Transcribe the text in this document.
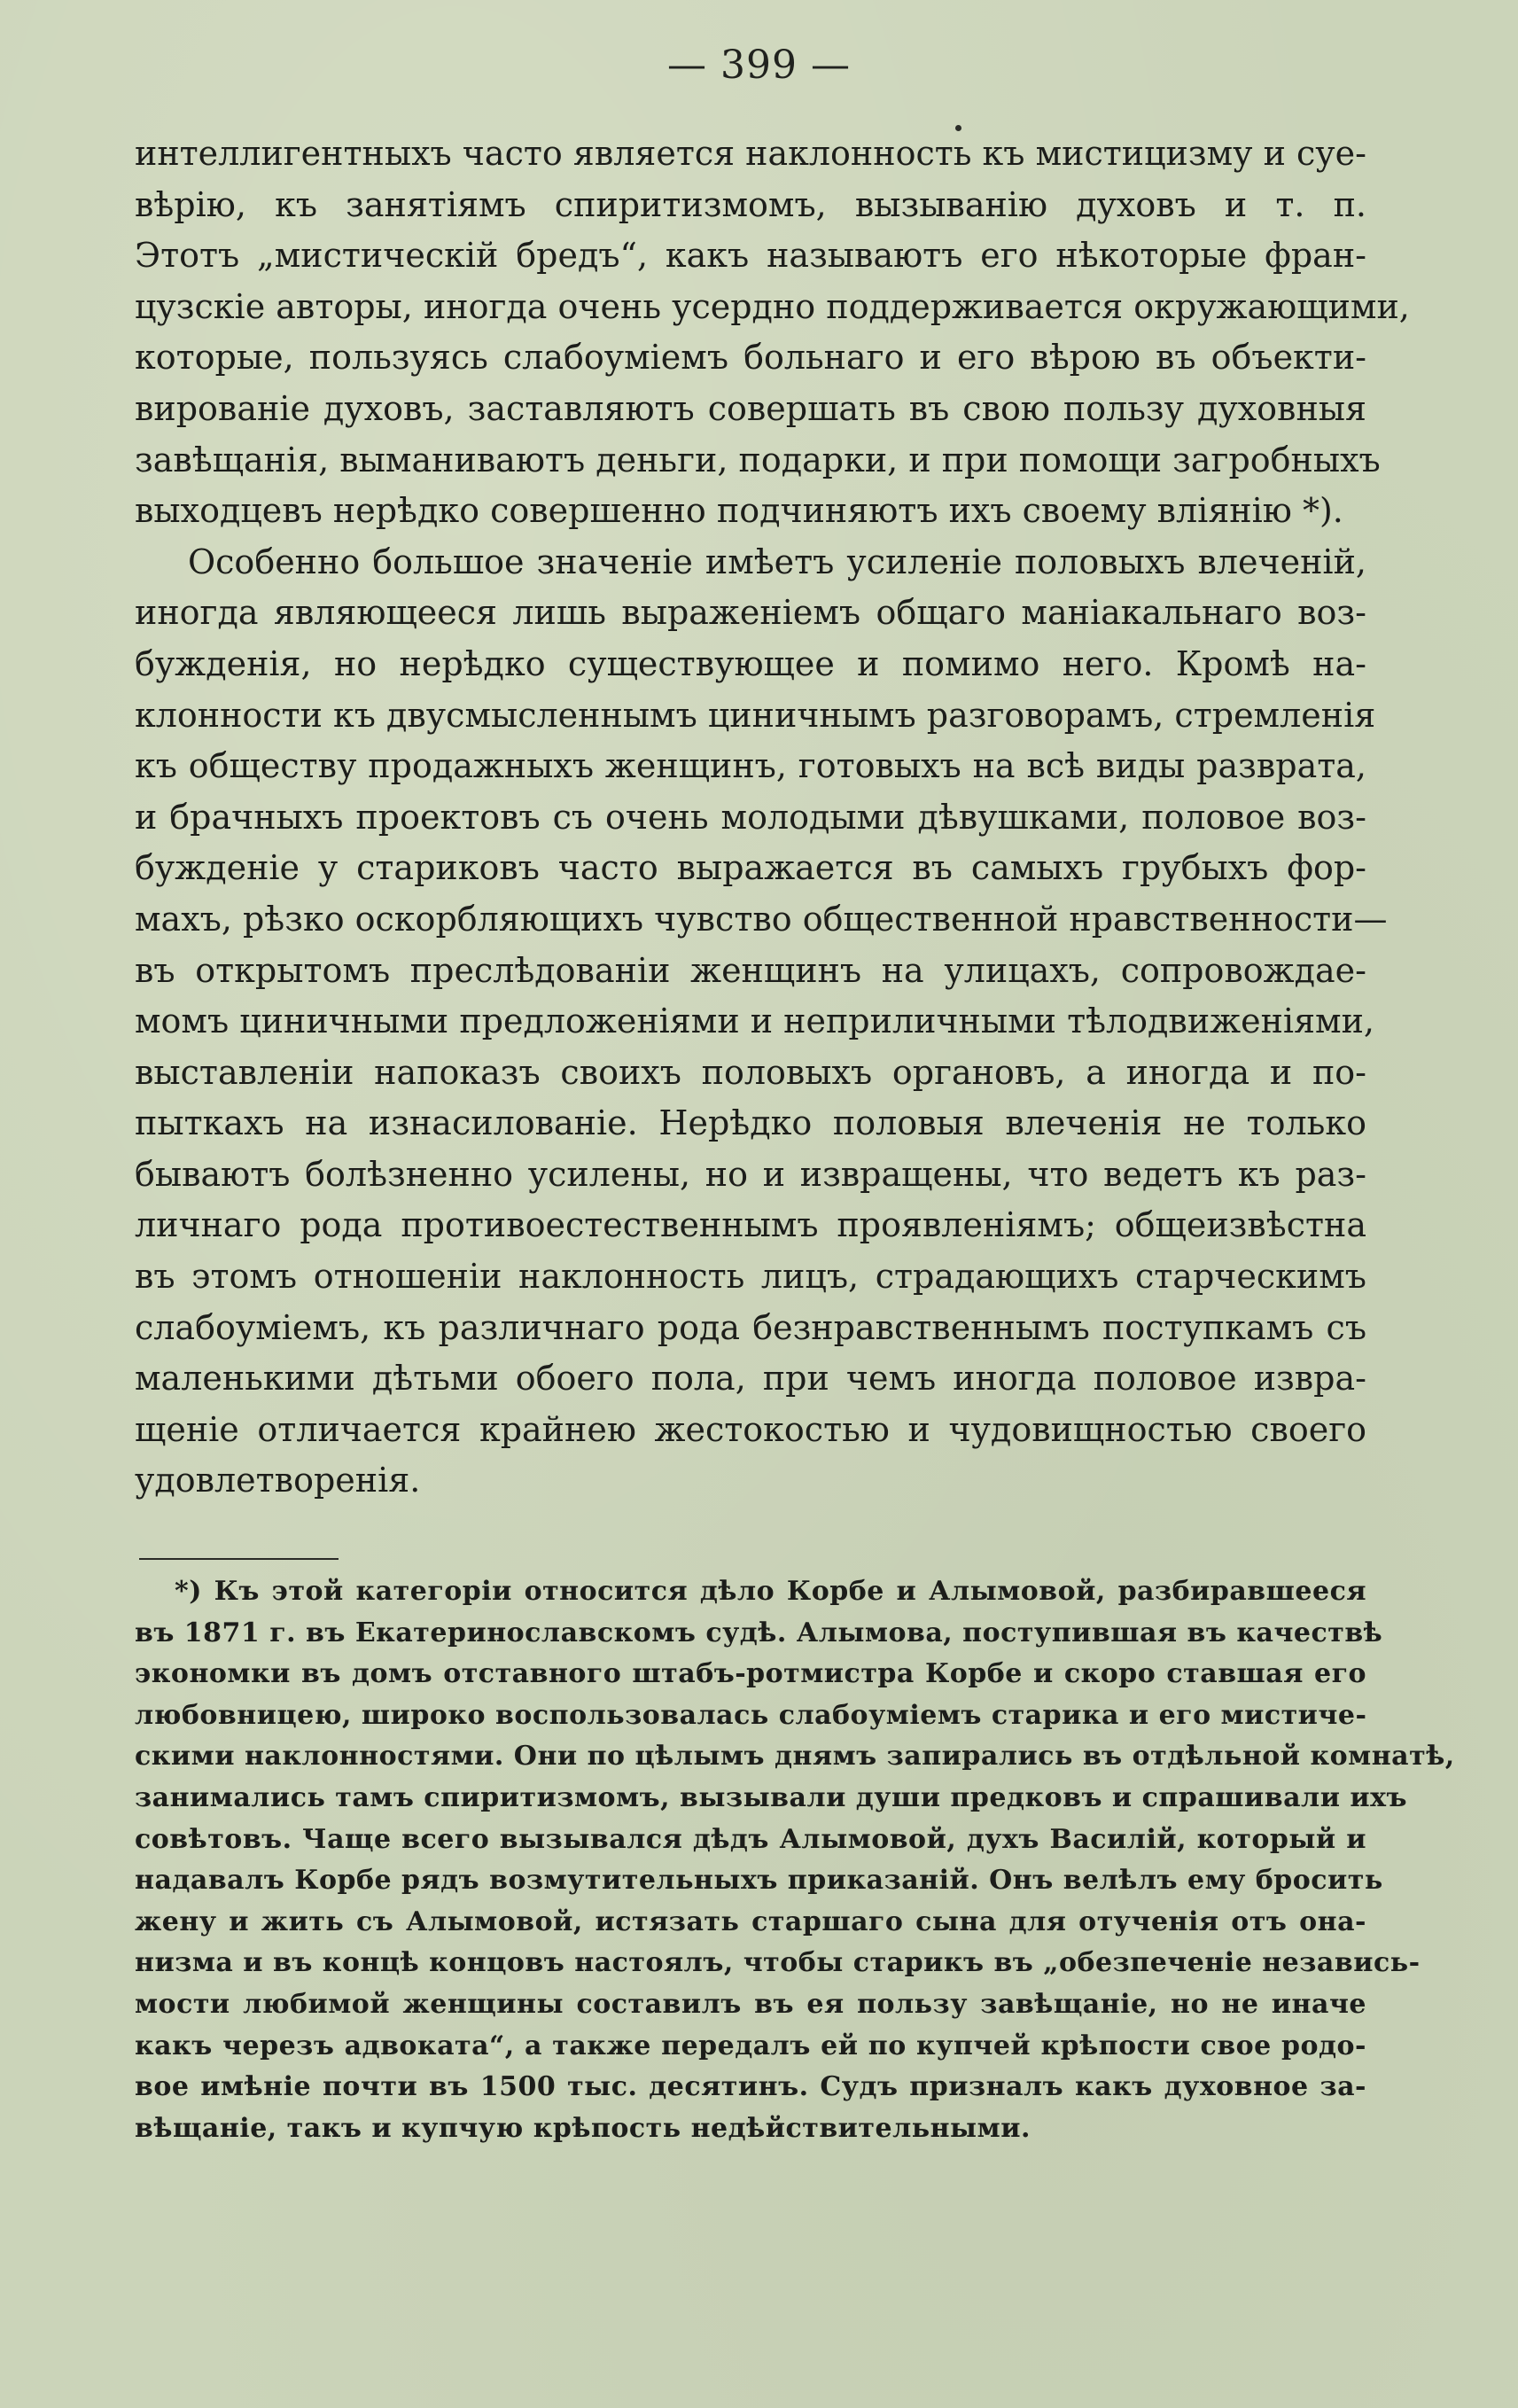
— 399 —
интеллигентныхъ часто является наклонность къ мистицизму и суе-
вѣрію, къ занятіямъ спиритизмомъ, вызыванію духовъ и т. п.
Этотъ „мистическій бредъ“, какъ называютъ его нѣкоторые фран-
цузскіе авторы, иногда очень усердно поддерживается окружающими,
которые, пользуясь слабоуміемъ больнаго и его вѣрою въ объекти-
вированіе духовъ, заставляютъ совершать въ свою пользу духовныя
завѣщанія, выманиваютъ деньги, подарки, и при помощи загробныхъ
выходцевъ нерѣдко совершенно подчиняютъ ихъ своему вліянію *).
Особенно большое значеніе имѣетъ усиленіе половыхъ влеченій,
иногда являющееся лишь выраженіемъ общаго маніакальнаго воз-
бужденія, но нерѣдко существующее и помимо него. Кромѣ на-
клонности къ двусмысленнымъ циничнымъ разговорамъ, стремленія
къ обществу продажныхъ женщинъ, готовыхъ на всѣ виды разврата,
и брачныхъ проектовъ съ очень молодыми дѣвушками, половое воз-
бужденіе у стариковъ часто выражается въ самыхъ грубыхъ фор-
махъ, рѣзко оскорбляющихъ чувство общественной нравственности—
въ открытомъ преслѣдованіи женщинъ на улицахъ, сопровождае-
момъ циничными предложеніями и неприличными тѣлодвиженіями,
выставленіи напоказъ своихъ половыхъ органовъ, а иногда и по-
пыткахъ на изнасилованіе. Нерѣдко половыя влеченія не только
бываютъ болѣзненно усилены, но и извращены, что ведетъ къ раз-
личнаго рода противоестественнымъ проявленіямъ; общеизвѣстна
въ этомъ отношеніи наклонность лицъ, страдающихъ старческимъ
слабоуміемъ, къ различнаго рода безнравственнымъ поступкамъ съ
маленькими дѣтьми обоего пола, при чемъ иногда половое извра-
щеніе отличается крайнею жестокостью и чудовищностью своего
удовлетворенія.
*) Къ этой категоріи относится дѣло Корбе и Алымовой, разбиравшееся
въ 1871 г. въ Екатеринославскомъ судѣ. Алымова, поступившая въ качествѣ
экономки въ домъ отставного штабъ-ротмистра Корбе и скоро ставшая его
любовницею, широко воспользовалась слабоуміемъ старика и его мистиче-
скими наклонностями. Они по цѣлымъ днямъ запирались въ отдѣльной комнатѣ,
занимались тамъ спиритизмомъ, вызывали души предковъ и спрашивали ихъ
совѣтовъ. Чаще всего вызывался дѣдъ Алымовой, духъ Василій, который и
надавалъ Корбе рядъ возмутительныхъ приказаній. Онъ велѣлъ ему бросить
жену и жить съ Алымовой, истязать старшаго сына для отученія отъ она-
низма и въ концѣ концовъ настоялъ, чтобы старикъ въ „обезпеченіе независь-
мости любимой женщины составилъ въ ея пользу завѣщаніе, но не иначе
какъ черезъ адвоката“, а также передалъ ей по купчей крѣпости свое родо-
вое имѣніе почти въ 1500 тыс. десятинъ. Судъ призналъ какъ духовное за-
вѣщаніе, такъ и купчую крѣпость недѣйствительными.
